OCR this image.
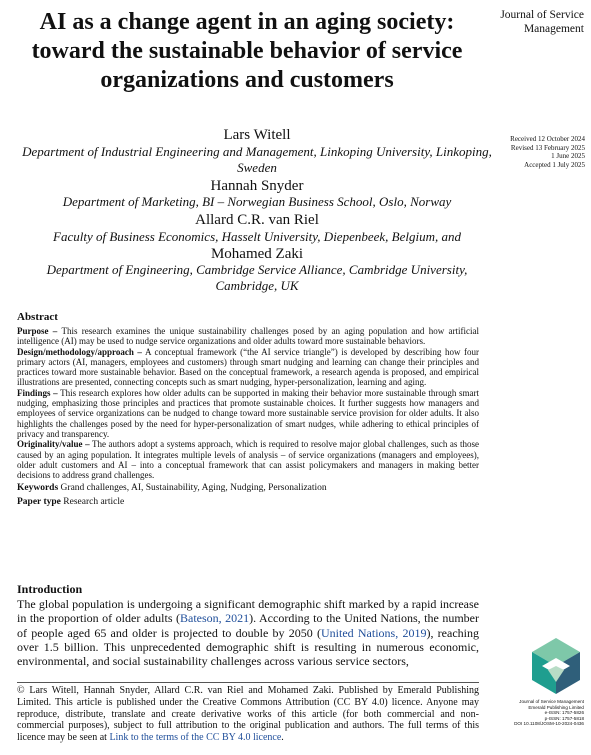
AI as a change agent in an aging society: toward the sustainable behavior of service organizations and customers
Journal of Service Management
Received 12 October 2024
Revised 13 February 2025
1 June 2025
Accepted 1 July 2025
Lars Witell
Department of Industrial Engineering and Management, Linkoping University, Linkoping, Sweden
Hannah Snyder
Department of Marketing, BI – Norwegian Business School, Oslo, Norway
Allard C.R. van Riel
Faculty of Business Economics, Hasselt University, Diepenbeek, Belgium, and
Mohamed Zaki
Department of Engineering, Cambridge Service Alliance, Cambridge University, Cambridge, UK
Abstract

Purpose – This research examines the unique sustainability challenges posed by an aging population and how artificial intelligence (AI) may be used to nudge service organizations and older adults toward more sustainable behaviors.

Design/methodology/approach – A conceptual framework (“the AI service triangle”) is developed by describing how four primary actors (AI, managers, employees and customers) through smart nudging and learning can change their principles and practices toward more sustainable behavior. Based on the conceptual framework, a research agenda is proposed, and empirical illustrations are presented, connecting concepts such as smart nudging, hyper-personalization, learning and aging.

Findings – This research explores how older adults can be supported in making their behavior more sustainable through smart nudging, emphasizing those principles and practices that promote sustainable choices. It further suggests how managers and employees of service organizations can be nudged to change toward more sustainable service provision for older adults. It also highlights the challenges posed by the need for hyper-personalization of smart nudges, while adhering to ethical principles of privacy and transparency.

Originality/value – The authors adopt a systems approach, which is required to resolve major global challenges, such as those caused by an aging population. It integrates multiple levels of analysis – of service organizations (managers and employees), older adult customers and AI – into a conceptual framework that can assist policymakers and managers in making better decisions to address grand challenges.

Keywords Grand challenges, AI, Sustainability, Aging, Nudging, Personalization

Paper type Research article

Introduction

The global population is undergoing a significant demographic shift marked by a rapid increase in the proportion of older adults (Bateson, 2021). According to the United Nations, the number of people aged 65 and older is projected to double by 2050 (United Nations, 2019), reaching over 1.5 billion. This unprecedented demographic shift is resulting in numerous economic, environmental, and social sustainability challenges across various service sectors,

© Lars Witell, Hannah Snyder, Allard C.R. van Riel and Mohamed Zaki. Published by Emerald Publishing Limited. This article is published under the Creative Commons Attribution (CC BY 4.0) licence. Anyone may reproduce, distribute, translate and create derivative works of this article (for both commercial and non-commercial purposes), subject to full attribution to the original publication and authors. The full terms of this licence may be seen at Link to the terms of the CC BY 4.0 licence.
Journal of Service Management
Emerald Publishing Limited
e-ISSN: 1757-5826
p-ISSN: 1757-5818
DOI 10.1108/JOSM-10-2024-0436
